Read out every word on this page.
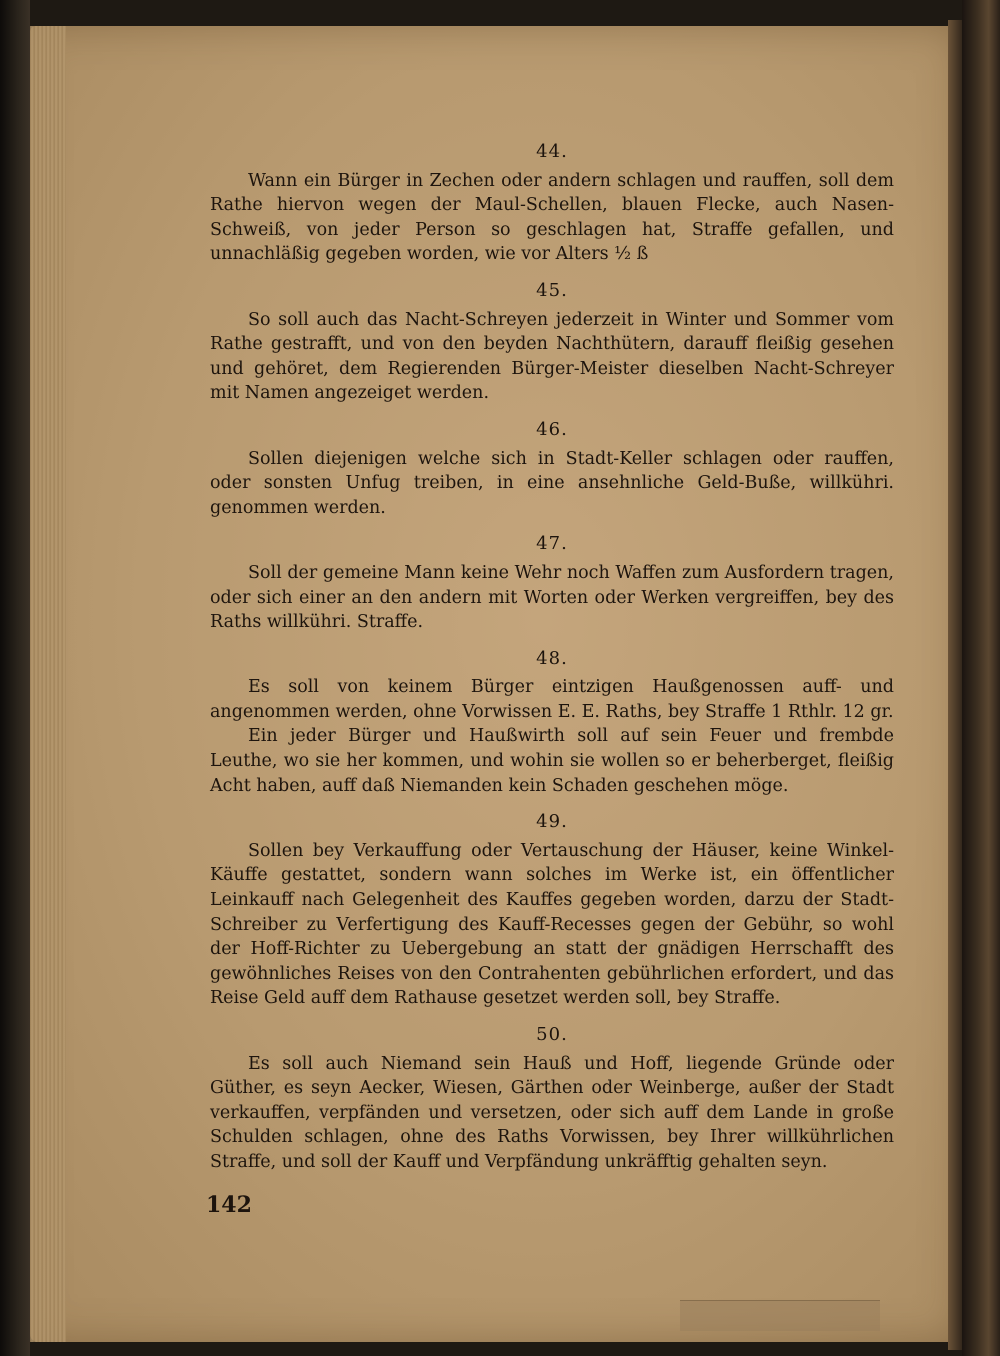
44.

Wann ein Bürger in Zechen oder andern schlagen und rauffen, soll dem Rathe hiervon wegen der Maul-Schellen, blauen Flecke, auch Nasen-Schweiß, von jeder Person so geschlagen hat, Straffe gefallen, und unnachläßig gegeben worden, wie vor Alters ½ ß

45.

So soll auch das Nacht-Schreyen jederzeit in Winter und Sommer vom Rathe gestrafft, und von den beyden Nachthütern, darauff fleißig gesehen und gehöret, dem Regierenden Bürger-Meister dieselben Nacht-Schreyer mit Namen angezeiget werden.

46.

Sollen diejenigen welche sich in Stadt-Keller schlagen oder rauffen, oder sonsten Unfug treiben, in eine ansehnliche Geld-Buße, willkühri. genommen werden.

47.

Soll der gemeine Mann keine Wehr noch Waffen zum Ausfordern tragen, oder sich einer an den andern mit Worten oder Werken vergreiffen, bey des Raths willkühri. Straffe.

48.

Es soll von keinem Bürger eintzigen Haußgenossen auff- und angenommen werden, ohne Vorwissen E. E. Raths, bey Straffe 1 Rthlr. 12 gr.

Ein jeder Bürger und Haußwirth soll auf sein Feuer und frembde Leuthe, wo sie her kommen, und wohin sie wollen so er beherberget, fleißig Acht haben, auff daß Niemanden kein Schaden geschehen möge.

49.

Sollen bey Verkauffung oder Vertauschung der Häuser, keine Winkel-Käuffe gestattet, sondern wann solches im Werke ist, ein öffentlicher Leinkauff nach Gelegenheit des Kauffes gegeben worden, darzu der Stadt-Schreiber zu Verfertigung des Kauff-Recesses gegen der Gebühr, so wohl der Hoff-Richter zu Uebergebung an statt der gnädigen Herrschafft des gewöhnliches Reises von den Contrahenten gebührlichen erfordert, und das Reise Geld auff dem Rathause gesetzet werden soll, bey Straffe.

50.

Es soll auch Niemand sein Hauß und Hoff, liegende Gründe oder Güther, es seyn Aecker, Wiesen, Gärthen oder Weinberge, außer der Stadt verkauffen, verpfänden und versetzen, oder sich auff dem Lande in große Schulden schlagen, ohne des Raths Vorwissen, bey Ihrer willkührlichen Straffe, und soll der Kauff und Verpfändung unkräfftig gehalten seyn.

142
